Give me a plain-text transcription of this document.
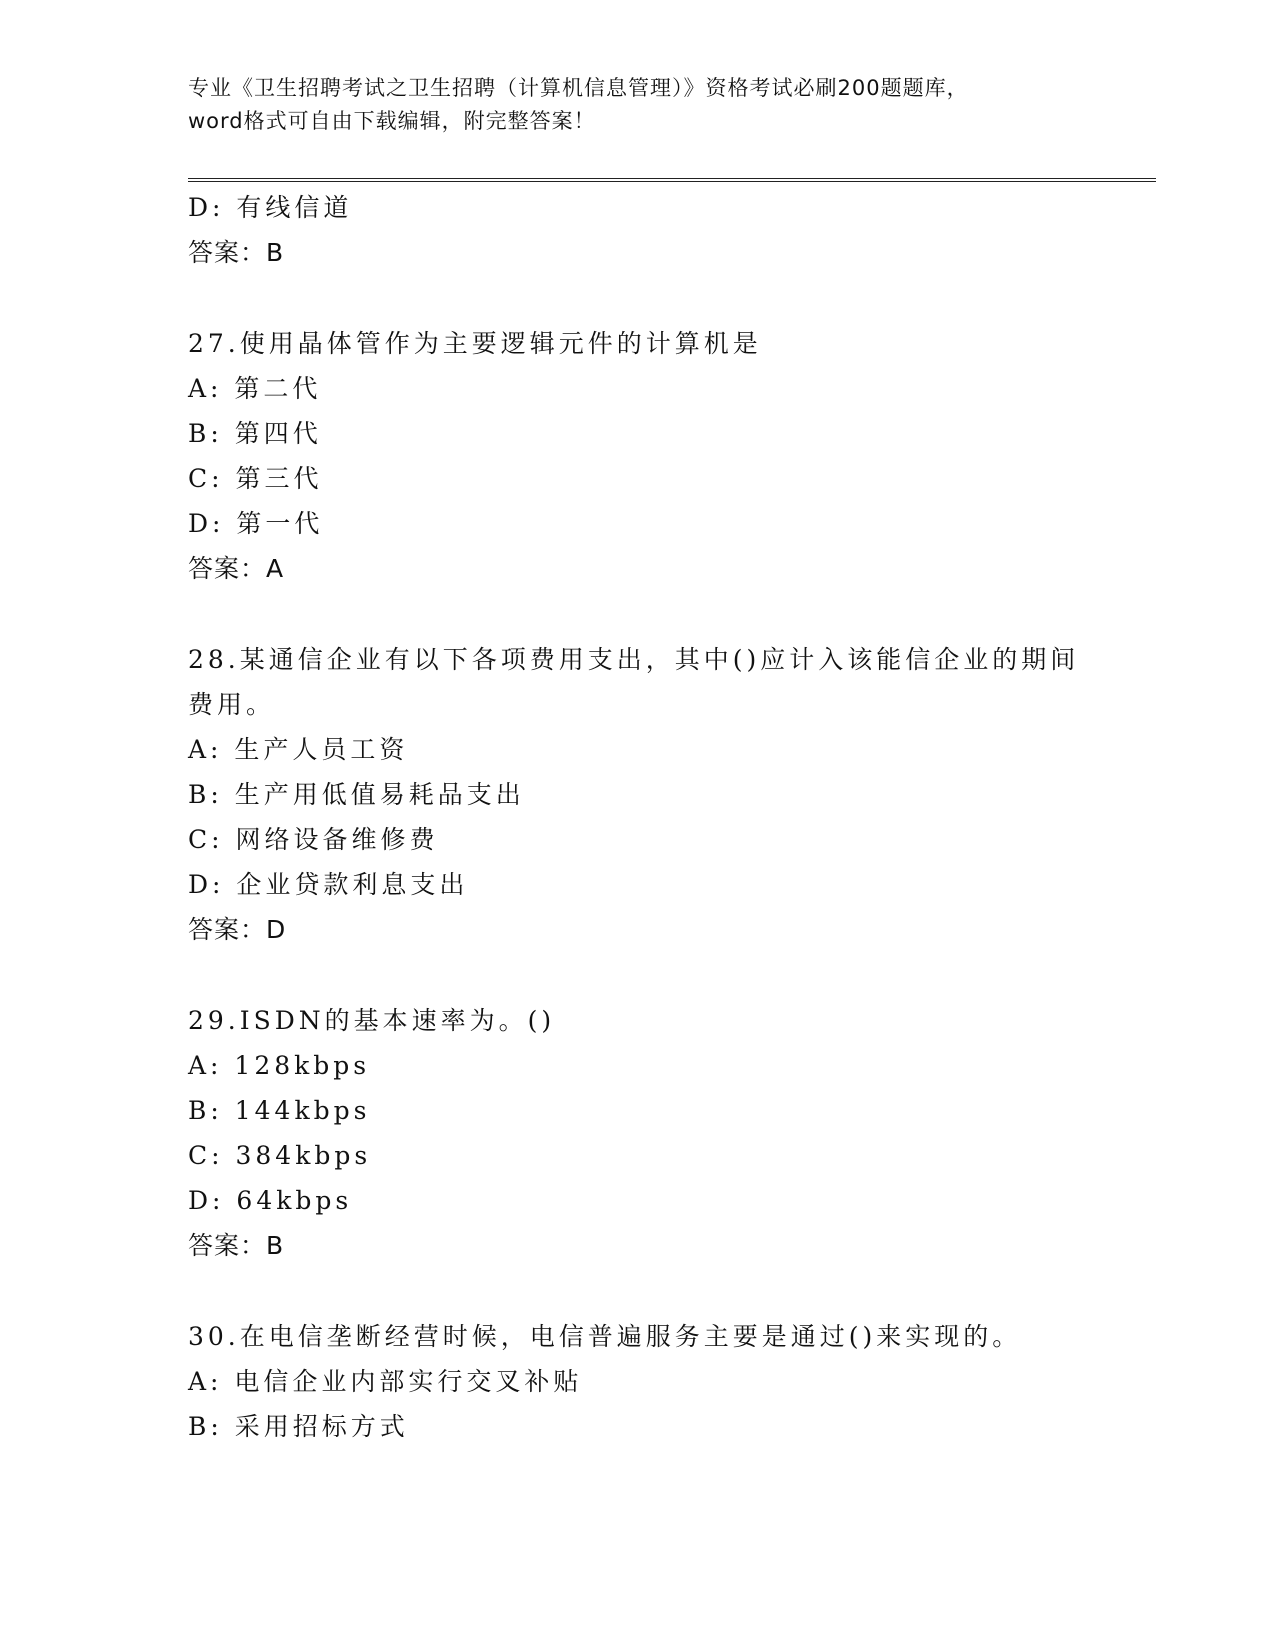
专业《卫生招聘考试之卫生招聘（计算机信息管理）》资格考试必刷200题题库，
word格式可自由下载编辑，附完整答案！
D: 有线信道
答案：B
27.使用晶体管作为主要逻辑元件的计算机是
A: 第二代
B: 第四代
C: 第三代
D: 第一代
答案：A
28.某通信企业有以下各项费用支出，其中()应计入该能信企业的期间
费用。
A: 生产人员工资
B: 生产用低值易耗品支出
C: 网络设备维修费
D: 企业贷款利息支出
答案：D
29.ISDN的基本速率为。()
A: 128kbps
B: 144kbps
C: 384kbps
D: 64kbps
答案：B
30.在电信垄断经营时候，电信普遍服务主要是通过()来实现的。
A: 电信企业内部实行交叉补贴
B: 采用招标方式
